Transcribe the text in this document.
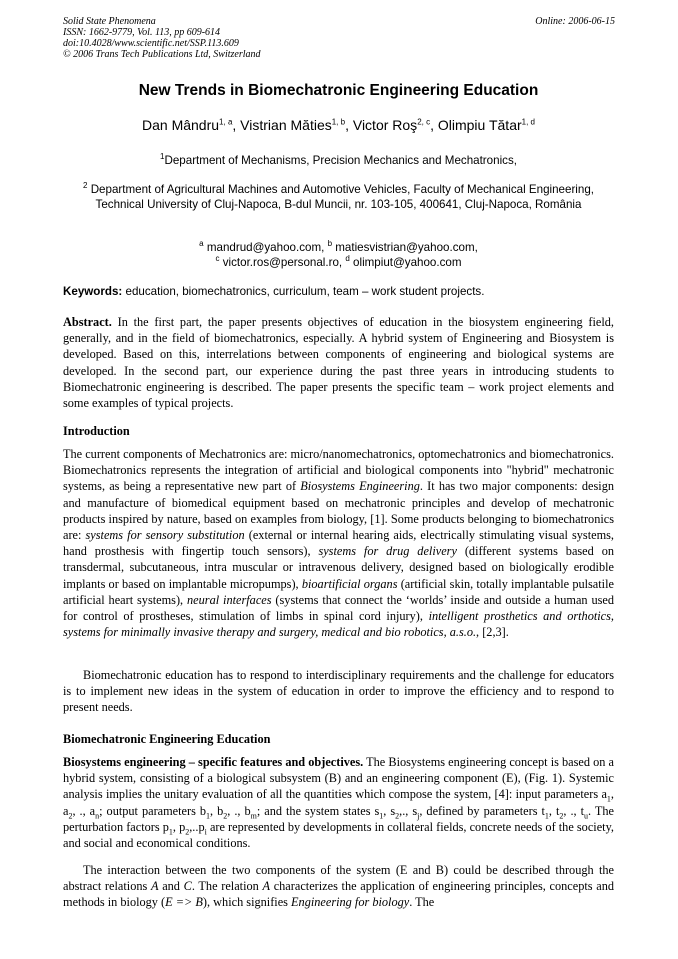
Solid State Phenomena
ISSN: 1662-9779, Vol. 113, pp 609-614
doi:10.4028/www.scientific.net/SSP.113.609
© 2006 Trans Tech Publications Ltd, Switzerland
Online: 2006-06-15
New Trends in Biomechatronic Engineering Education
Dan Mândru$^{1, a}$, Vistrian Măties$^{1, b}$, Victor Roş$^{2, c}$, Olimpiu Tătar$^{1, d}$
$^1$Department of Mechanisms, Precision Mechanics and Mechatronics,
$^2$ Department of Agricultural Machines and Automotive Vehicles, Faculty of Mechanical Engineering, Technical University of Cluj-Napoca, B-dul Muncii, nr. 103-105, 400641, Cluj-Napoca, România
$^a$ mandrud@yahoo.com, $^b$ matiesvistrian@yahoo.com,
$^c$ victor.ros@personal.ro, $^d$ olimpiut@yahoo.com
Keywords: education, biomechatronics, curriculum, team – work student projects.
Abstract. In the first part, the paper presents objectives of education in the biosystem engineering field, generally, and in the field of biomechatronics, especially. A hybrid system of Engineering and Biosystem is developed. Based on this, interrelations between components of engineering and biological systems are developed. In the second part, our experience during the past three years in introducing students to Biomechatronic engineering is described. The paper presents the specific team – work project elements and some examples of typical projects.
Introduction
The current components of Mechatronics are: micro/nanomechatronics, optomechatronics and biomechatronics. Biomechatronics represents the integration of artificial and biological components into "hybrid" mechatronic systems, as being a representative new part of Biosystems Engineering. It has two major components: design and manufacture of biomedical equipment based on mechatronic principles and develop of mechatronic products inspired by nature, based on examples from biology, [1]. Some products belonging to biomechatronics are: systems for sensory substitution (external or internal hearing aids, electrically stimulating visual systems, hand prosthesis with fingertip touch sensors), systems for drug delivery (different systems based on transdermal, subcutaneous, intra muscular or intravenous delivery, designed based on biologically erodible implants or based on implantable micropumps), bioartificial organs (artificial skin, totally implantable pulsatile artificial heart systems), neural interfaces (systems that connect the ‘worlds’ inside and outside a human used for control of prostheses, stimulation of limbs in spinal cord injury), intelligent prosthetics and orthotics, systems for minimally invasive therapy and surgery, medical and bio robotics, a.s.o., [2,3].
Biomechatronic education has to respond to interdisciplinary requirements and the challenge for educators is to implement new ideas in the system of education in order to improve the efficiency and to respond to present needs.
Biomechatronic Engineering Education
Biosystems engineering – specific features and objectives. The Biosystems engineering concept is based on a hybrid system, consisting of a biological subsystem (B) and an engineering component (E), (Fig. 1). Systemic analysis implies the unitary evaluation of all the quantities which compose the system, [4]: input parameters $a_1$, $a_2$, ., $a_n$; output parameters $b_1$, $b_2$, ., $b_m$; and the system states $s_1$, $s_2$,., $s_j$, defined by parameters $t_1$, $t_2$, ., $t_u$. The perturbation factors $p_1$, $p_2,..p_i$ are represented by developments in collateral fields, concrete needs of the society, and social and economical conditions.
The interaction between the two components of the system (E and B) could be described through the abstract relations A and C. The relation A characterizes the application of engineering principles, concepts and methods in biology (E => B), which signifies Engineering for biology. The
